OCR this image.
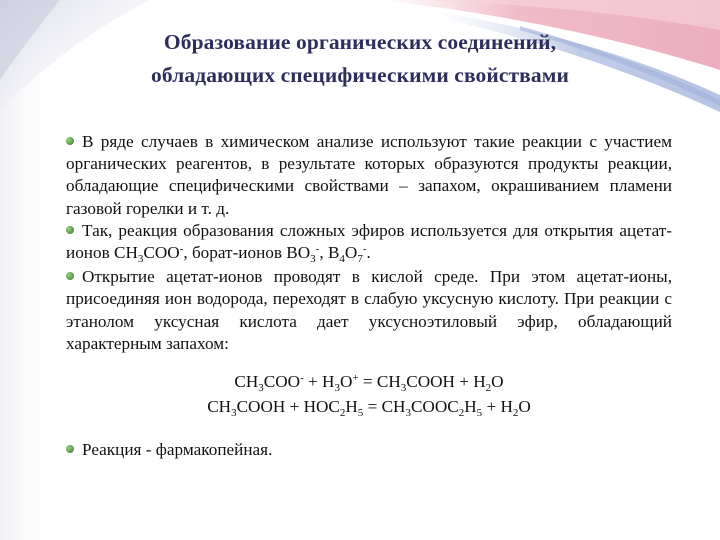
Образование органических соединений,
обладающих специфическими свойствами
В ряде случаев в химическом анализе используют такие реакции с участием органических реагентов, в результате которых образуются продукты реакции, обладающие специфическими свойствами – запахом, окрашиванием пламени газовой горелки и т. д.
Так, реакция образования сложных эфиров используется для открытия ацетат-ионов $CH_3COO^-$, борат-ионов $BO_3^-$, $B_4O_7^-$.
Открытие ацетат-ионов проводят в кислой среде. При этом ацетат-ионы, присоединяя ион водорода, переходят в слабую уксусную кислоту. При реакции с этанолом уксусная кислота дает уксусноэтиловый эфир, обладающий характерным запахом:
$CH_3COO^- + H_3O^+$ = $CH_3COOH + H_2O$
$CH_3COOH + HOC_2H_5$ = $CH_3COOC_2H_5 + H_2O$
Реакция - фармакопейная.
